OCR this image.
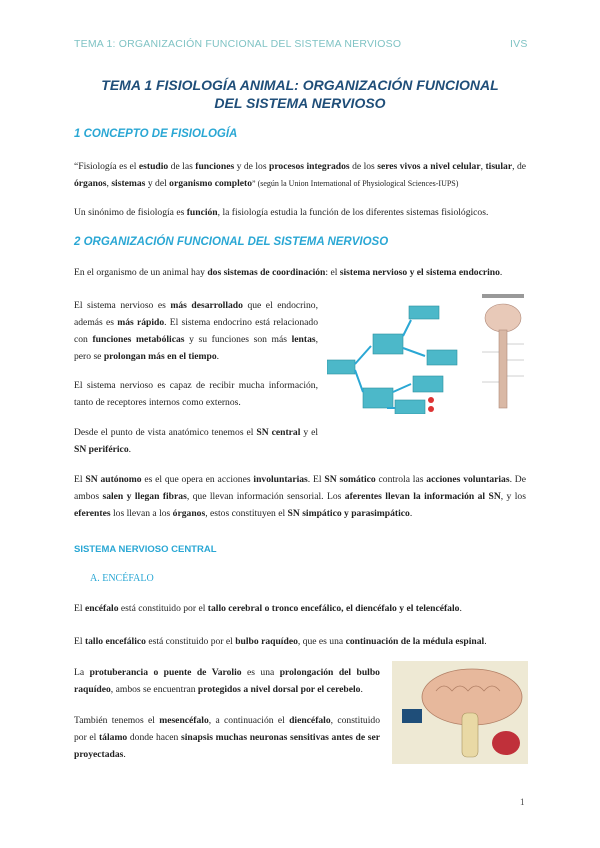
TEMA 1: ORGANIZACIÓN FUNCIONAL DEL SISTEMA NERVIOSO	IVS
TEMA 1 FISIOLOGÍA ANIMAL: ORGANIZACIÓN FUNCIONAL DEL SISTEMA NERVIOSO
1 CONCEPTO DE FISIOLOGÍA
“Fisiología es el estudio de las funciones y de los procesos integrados de los seres vivos a nivel celular, tisular, de órganos, sistemas y del organismo completo” (según la Union International of Physiological Sciences-IUPS)
Un sinónimo de fisiología es función, la fisiología estudia la función de los diferentes sistemas fisiológicos.
2 ORGANIZACIÓN FUNCIONAL DEL SISTEMA NERVIOSO
En el organismo de un animal hay dos sistemas de coordinación: el sistema nervioso y el sistema endocrino.
El sistema nervioso es más desarrollado que el endocrino, además es más rápido. El sistema endocrino está relacionado con funciones metabólicas y su funciones son más lentas, pero se prolongan más en el tiempo.
El sistema nervioso es capaz de recibir mucha información, tanto de receptores internos como externos.
Desde el punto de vista anatómico tenemos el SN central y el SN periférico.
El SN autónomo es el que opera en acciones involuntarias. El SN somático controla las acciones voluntarias. De ambos salen y llegan fibras, que llevan información sensorial. Los aferentes llevan la información al SN, y los eferentes los llevan a los órganos, estos constituyen el SN simpático y parasimpático.
SISTEMA NERVIOSO CENTRAL
A. ENCÉFALO
El encéfalo está constituido por el tallo cerebral o tronco encefálico, el diencéfalo y el telencéfalo.
El tallo encefálico está constituido por el bulbo raquídeo, que es una continuación de la médula espinal.
La protuberancia o puente de Varolio es una prolongación del bulbo raquídeo, ambos se encuentran protegidos a nivel dorsal por el cerebelo.
También tenemos el mesencéfalo, a continuación el diencéfalo, constituido por el tálamo donde hacen sinapsis muchas neuronas sensitivas antes de ser proyectadas.
1
